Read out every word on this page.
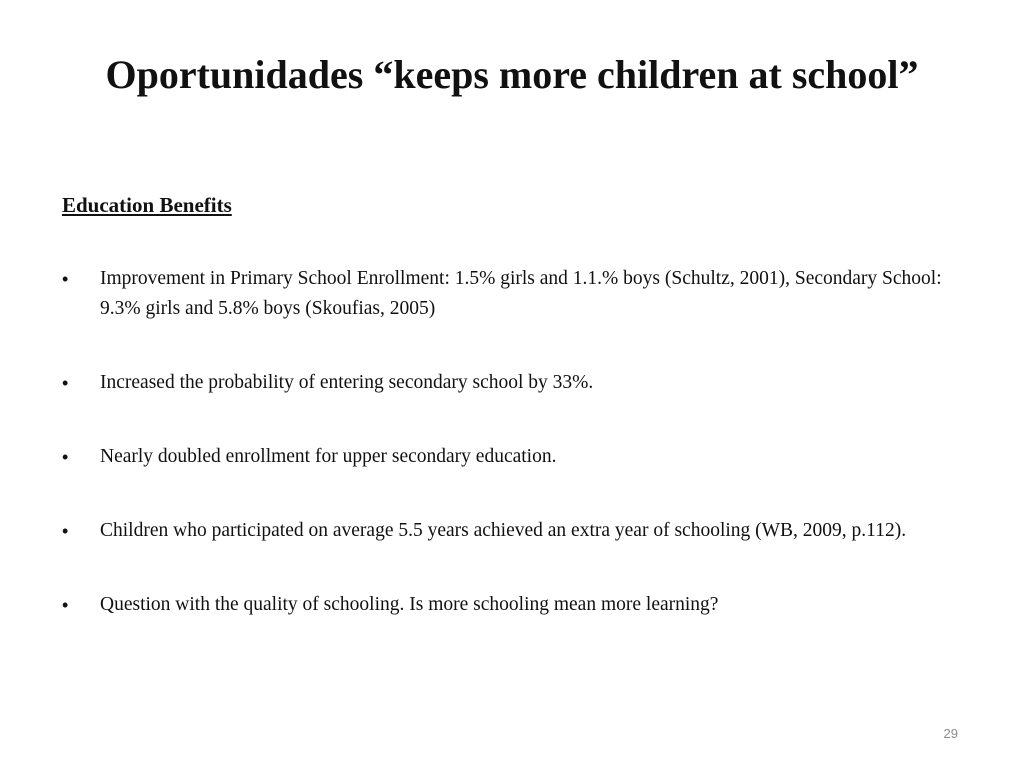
Oportunidades “keeps more children at school”
Education Benefits
• Improvement in Primary School Enrollment: 1.5% girls and 1.1.% boys (Schultz, 2001), Secondary School: 9.3% girls and 5.8% boys (Skoufias, 2005)
• Increased the probability of entering secondary school by 33%.
• Nearly doubled enrollment for upper secondary education.
• Children who participated on average 5.5 years achieved an extra year of schooling (WB, 2009, p.112).
• Question with the quality of schooling. Is more schooling mean more learning?
29
